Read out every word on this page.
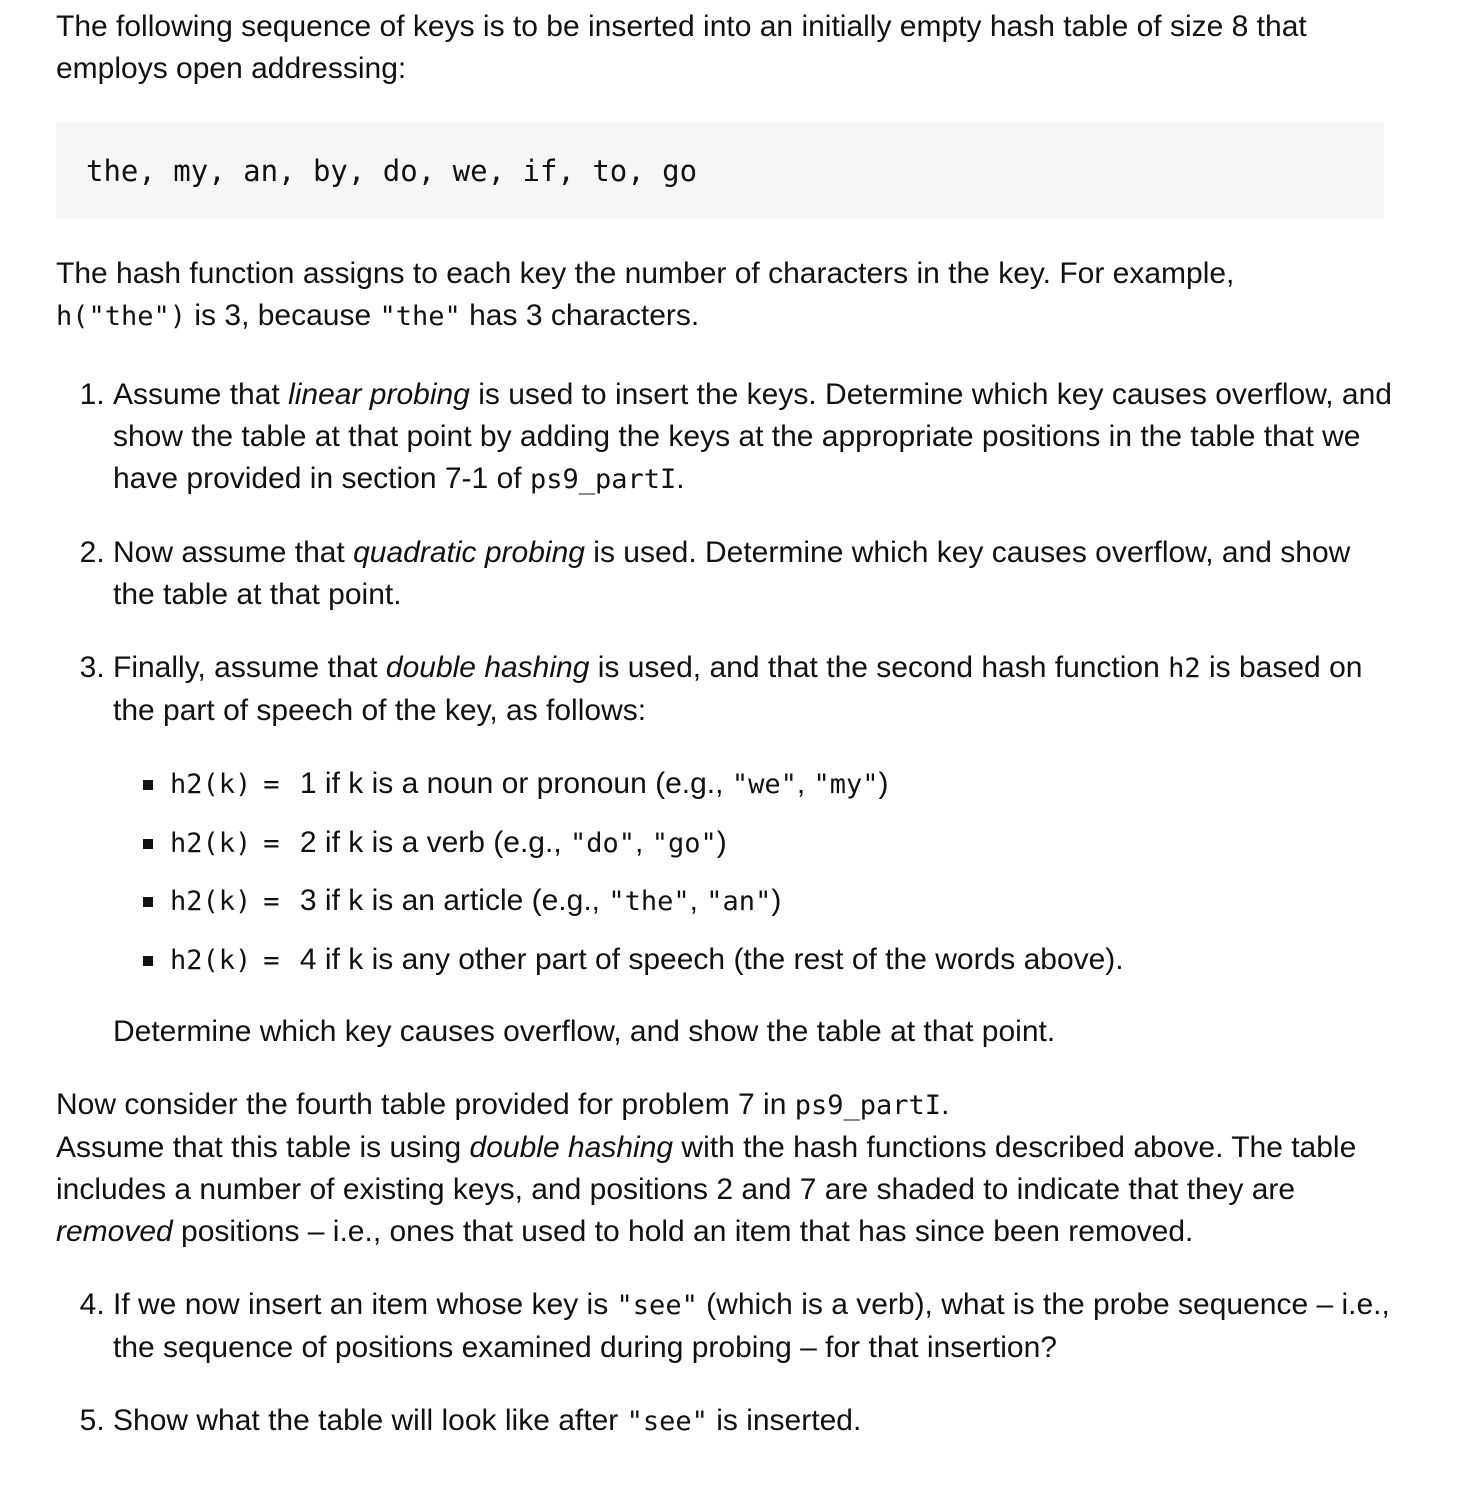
The following sequence of keys is to be inserted into an initially empty hash table of size 8 that employs open addressing:

the, my, an, by, do, we, if, to, go

The hash function assigns to each key the number of characters in the key. For example,
h("the") is 3, because "the" has 3 characters.

1. Assume that linear probing is used to insert the keys. Determine which key causes overflow, and show the table at that point by adding the keys at the appropriate positions in the table that we have provided in section 7-1 of ps9_partI.
2. Now assume that quadratic probing is used. Determine which key causes overflow, and show the table at that point.
3. Finally, assume that double hashing is used, and that the second hash function h2 is based on the part of speech of the key, as follows:
h2(k) = 1 if k is a noun or pronoun (e.g., "we", "my")
h2(k) = 2 if k is a verb (e.g., "do", "go")
h2(k) = 3 if k is an article (e.g., "the", "an")
h2(k) = 4 if k is any other part of speech (the rest of the words above).

Determine which key causes overflow, and show the table at that point.

Now consider the fourth table provided for problem 7 in ps9_partI.
Assume that this table is using double hashing with the hash functions described above. The table includes a number of existing keys, and positions 2 and 7 are shaded to indicate that they are removed positions – i.e., ones that used to hold an item that has since been removed.

4. If we now insert an item whose key is "see" (which is a verb), what is the probe sequence – i.e., the sequence of positions examined during probing – for that insertion?
5. Show what the table will look like after "see" is inserted.
